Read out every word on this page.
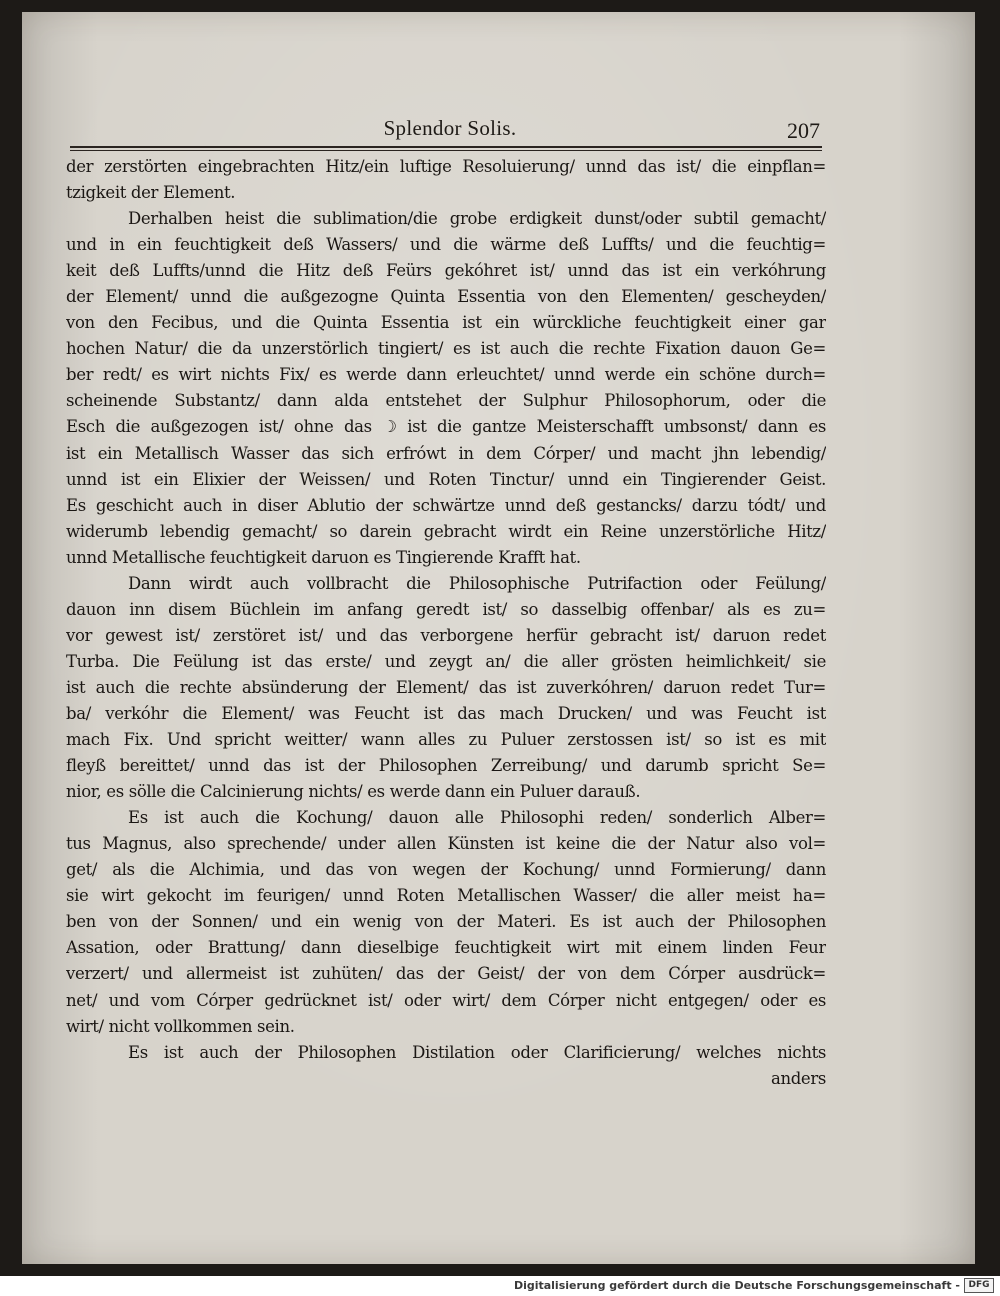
Splendor Solis.	207
der zerstörten eingebrachten Hitz/ein luftige Resoluierung/ unnd das ist/ die einpflan=
tzigkeit der Element.
Derhalben heist die sublimation/die grobe erdigkeit dunst/oder subtil gemacht/
und in ein feuchtigkeit deß Wassers/ und die wärme deß Luffts/ und die feuchtig=
keit deß Luffts/unnd die Hitz deß Feürs gekóhret ist/ unnd das ist ein verkóhrung
der Element/ unnd die außgezogne Quinta Essentia von den Elementen/ gescheyden/
von den Fecibus, und die Quinta Essentia ist ein würckliche feuchtigkeit einer gar
hochen Natur/ die da unzerstörlich tingiert/ es ist auch die rechte Fixation dauon Ge=
ber redt/ es wirt nichts Fix/ es werde dann erleuchtet/ unnd werde ein schöne durch=
scheinende Substantz/ dann alda entstehet der Sulphur Philosophorum, oder die
Esch die außgezogen ist/ ohne das ☽ ist die gantze Meisterschafft umbsonst/ dann es
ist ein Metallisch Wasser das sich erfrówt in dem Córper/ und macht jhn lebendig/
unnd ist ein Elixier der Weissen/ und Roten Tinctur/ unnd ein Tingierender Geist.
Es geschicht auch in diser Ablutio der schwärtze unnd deß gestancks/ darzu tódt/ und
widerumb lebendig gemacht/ so darein gebracht wirdt ein Reine unzerstörliche Hitz/
unnd Metallische feuchtigkeit daruon es Tingierende Krafft hat.
Dann wirdt auch vollbracht die Philosophische Putrifaction oder Feülung/
dauon inn disem Büchlein im anfang geredt ist/ so dasselbig offenbar/ als es zu=
vor gewest ist/ zerstöret ist/ und das verborgene herfür gebracht ist/ daruon redet
Turba. Die Feülung ist das erste/ und zeygt an/ die aller grösten heimlichkeit/ sie
ist auch die rechte absünderung der Element/ das ist zuverkóhren/ daruon redet Tur=
ba/ verkóhr die Element/ was Feucht ist das mach Drucken/ und was Feucht ist
mach Fix. Und spricht weitter/ wann alles zu Puluer zerstossen ist/ so ist es mit
fleyß bereittet/ unnd das ist der Philosophen Zerreibung/ und darumb spricht Se=
nior, es sölle die Calcinierung nichts/ es werde dann ein Puluer darauß.
Es ist auch die Kochung/ dauon alle Philosophi reden/ sonderlich Alber=
tus Magnus, also sprechende/ under allen Künsten ist keine die der Natur also vol=
get/ als die Alchimia, und das von wegen der Kochung/ unnd Formierung/ dann
sie wirt gekocht im feurigen/ unnd Roten Metallischen Wasser/ die aller meist ha=
ben von der Sonnen/ und ein wenig von der Materi. Es ist auch der Philosophen
Assation, oder Brattung/ dann dieselbige feuchtigkeit wirt mit einem linden Feur
verzert/ und allermeist ist zuhüten/ das der Geist/ der von dem Córper ausdrück=
net/ und vom Córper gedrücknet ist/ oder wirt/ dem Córper nicht entgegen/ oder es
wirt/ nicht vollkommen sein.
Es ist auch der Philosophen Distilation oder Clarificierung/ welches nichts
anders
Digitalisierung gefördert durch die Deutsche Forschungsgemeinschaft - DFG
